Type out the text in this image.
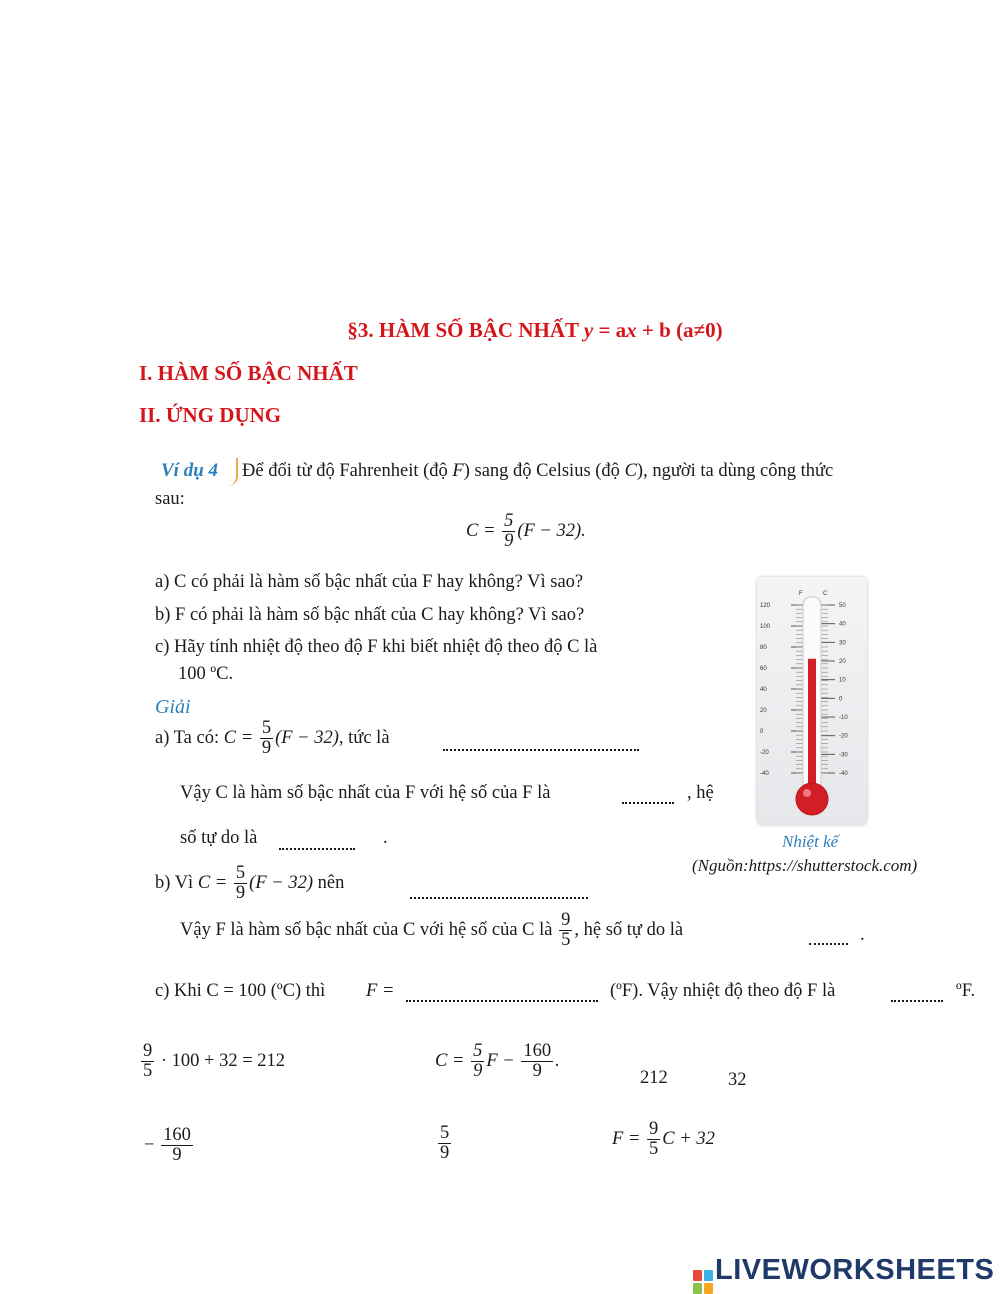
§3. HÀM SỐ BẬC NHẤT y = ax + b (a≠0)
I. HÀM SỐ BẬC NHẤT
II. ỨNG DỤNG
Ví dụ 4 Để đổi từ độ Fahrenheit (độ F) sang độ Celsius (độ C), người ta dùng công thức
sau:
$C = \frac{5}{9} (F - 32)$.
a) C có phải là hàm số bậc nhất của F hay không? Vì sao?
b) F có phải là hàm số bậc nhất của C hay không? Vì sao?
c) Hãy tính nhiệt độ theo độ F khi biết nhiệt độ theo độ C là
100 ºC.
Giải
a) Ta có: $C = \frac{5}{9} (F - 32)$, tức là
Vậy C là hàm số bậc nhất của F với hệ số của F là	, hệ
số tự do là	.
b) Vì $C = \frac{5}{9} (F - 32)$ nên
Vậy F là hàm số bậc nhất của C với hệ số của C là $\frac{9}{5}$ , hệ số tự do là	.
c) Khi C = 100 (ºC) thì F =	(ºF). Vậy nhiệt độ theo độ F là	ºF.
F	C
120
100
80
60
40
20
0
-20
-40
50
40
30
20
10
0
-10
-20
-30
-40
Nhiệt kế
(Nguồn:https://shutterstock.com)
$\frac{9}{5} \cdot 100 + 32 = 212$	$C = \frac{5}{9}$ $F - \frac{160}{9}$ .
212	32
− $\frac{160}{9}$	$\frac{5}{9}$	$F = \frac{9}{5}$ C + 32
LIVEWORKSHEETS
